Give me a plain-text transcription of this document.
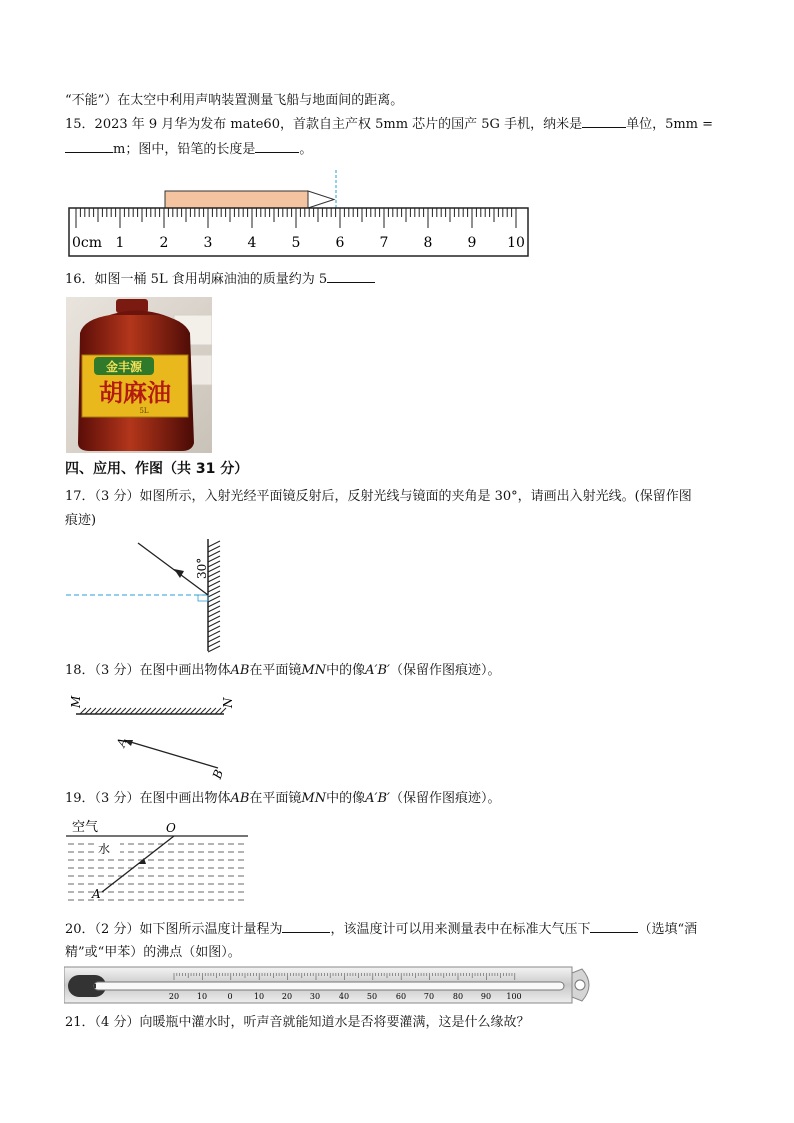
“不能”）在太空中利用声呐装置测量飞船与地面间的距离。
15．2023 年 9 月华为发布 mate60，首款自主产权 5mm 芯片的国产 5G 手机，纳米是	单位，5mm =
m；图中，铅笔的长度是	。
0cm 1	2	3	4	5	6	7	8	9 10
16．如图一桶 5L 食用胡麻油油的质量约为 5
金丰源
胡麻油
5L
四、应用、作图（共 31 分）
17．（3 分）如图所示，入射光经平面镜反射后，反射光线与镜面的夹角是 30°，请画出入射光线。(保留作图
痕迹)
30°
18．（3 分）在图中画出物体AB在平面镜MN中的像A′B′（保留作图痕迹）。
M	N
A
B
19．（3 分）在图中画出物体AB在平面镜MN中的像A′B′（保留作图痕迹）。
空气
水
O
A
20．（2 分）如下图所示温度计量程为	，该温度计可以用来测量表中在标准大气压下	（选填“酒
精”或“甲苯）的沸点（如图）。
20 10	0	10 20 30 40 50 60 70 80 90 100
21．（4 分）向暖瓶中灌水时，听声音就能知道水是否将要灌满，这是什么缘故？
